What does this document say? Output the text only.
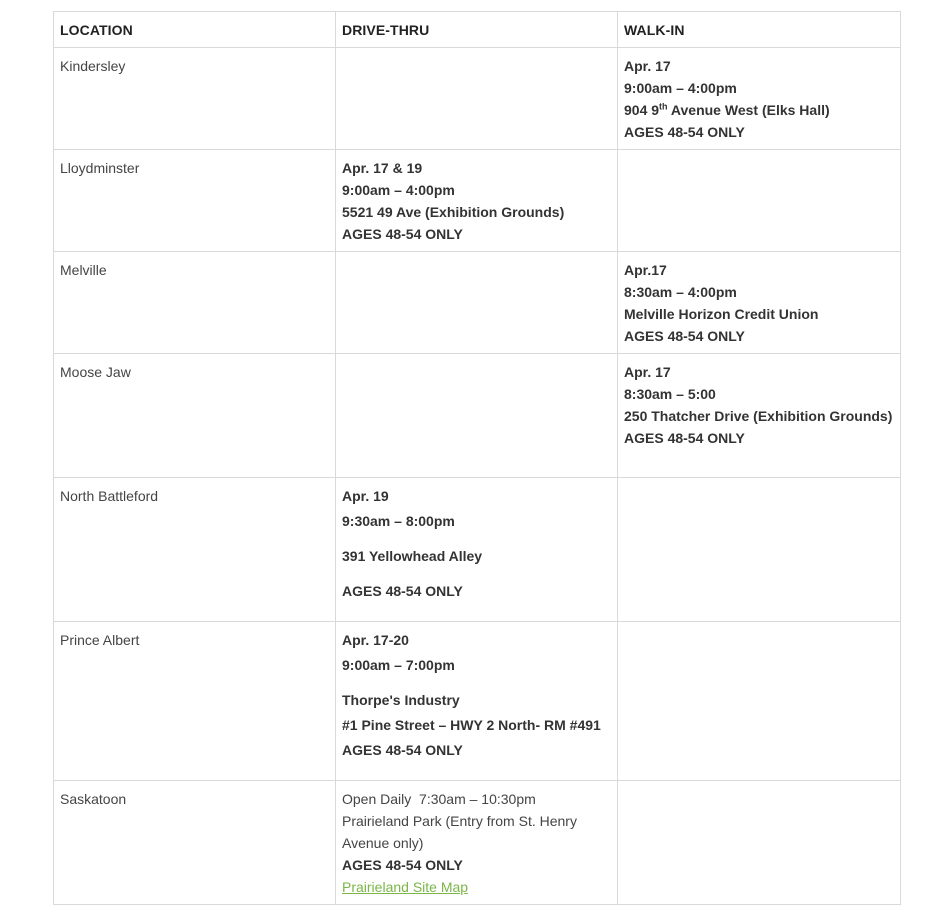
LOCATION	DRIVE-THRU	WALK-IN

Kindersley		Apr. 17
9:00am – 4:00pm
904 9th Avenue West (Elks Hall)
AGES 48-54 ONLY

Lloydminster	Apr. 17 & 19
9:00am – 4:00pm
5521 49 Ave (Exhibition Grounds)
AGES 48-54 ONLY	

Melville		Apr.17
8:30am – 4:00pm
Melville Horizon Credit Union
AGES 48-54 ONLY

Moose Jaw		Apr. 17
8:30am – 5:00
250 Thatcher Drive (Exhibition Grounds)
AGES 48-54 ONLY

North Battleford	Apr. 19
9:30am – 8:00pm
391 Yellowhead Alley
AGES 48-54 ONLY	

Prince Albert	Apr. 17-20
9:00am – 7:00pm
Thorpe's Industry
#1 Pine Street – HWY 2 North- RM #491
AGES 48-54 ONLY	

Saskatoon	Open Daily  7:30am – 10:30pm
Prairieland Park (Entry from St. Henry
Avenue only)
AGES 48-54 ONLY
Prairieland Site Map	
